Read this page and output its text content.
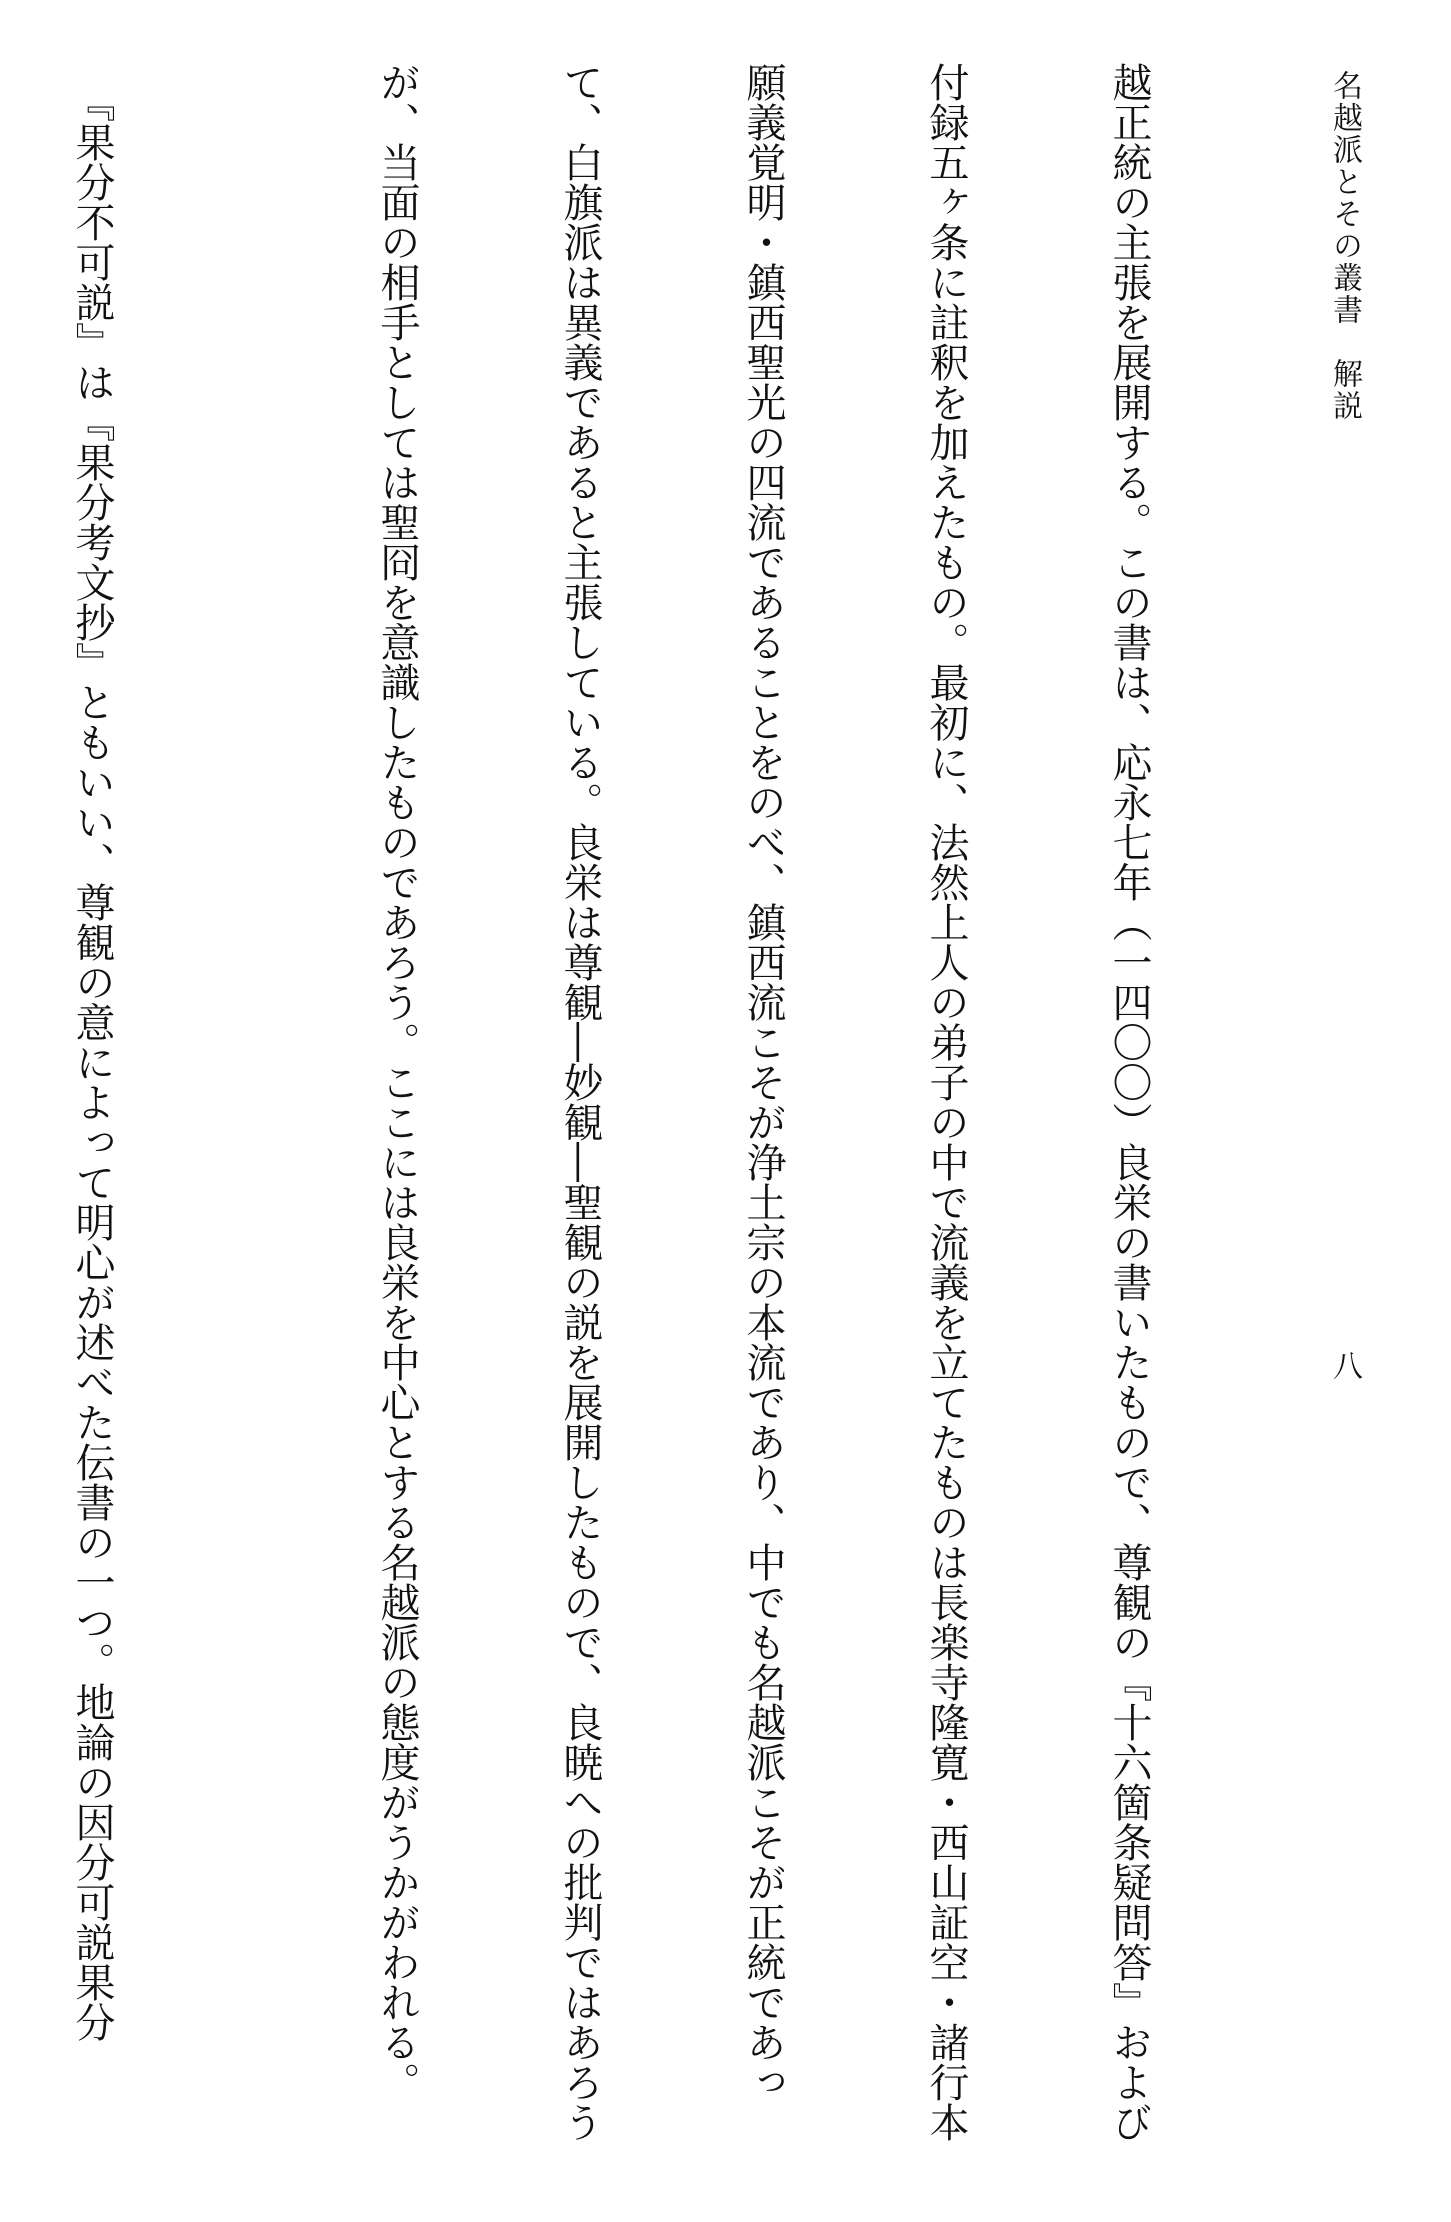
名越派とその叢書　解説
八

越正統の主張を展開する。この書は、応永七年（一四〇〇）良栄の書いたもので、尊観の『十六箇条疑問答』および

付録五ヶ条に註釈を加えたもの。最初に、法然上人の弟子の中で流義を立てたものは長楽寺隆寛・西山証空・諸行本

願義覚明・鎮西聖光の四流であることをのべ、鎮西流こそが浄土宗の本流であり、中でも名越派こそが正統であっ

て、白旗派は異義であると主張している。良栄は尊観―妙観―聖観の説を展開したもので、良暁への批判ではあろう

が、当面の相手としては聖冏を意識したものであろう。ここには良栄を中心とする名越派の態度がうかがわれる。

　『果分不可説』は『果分考文抄』ともいい、尊観の意によって明心が述べた伝書の一つ。地論の因分可説果分
